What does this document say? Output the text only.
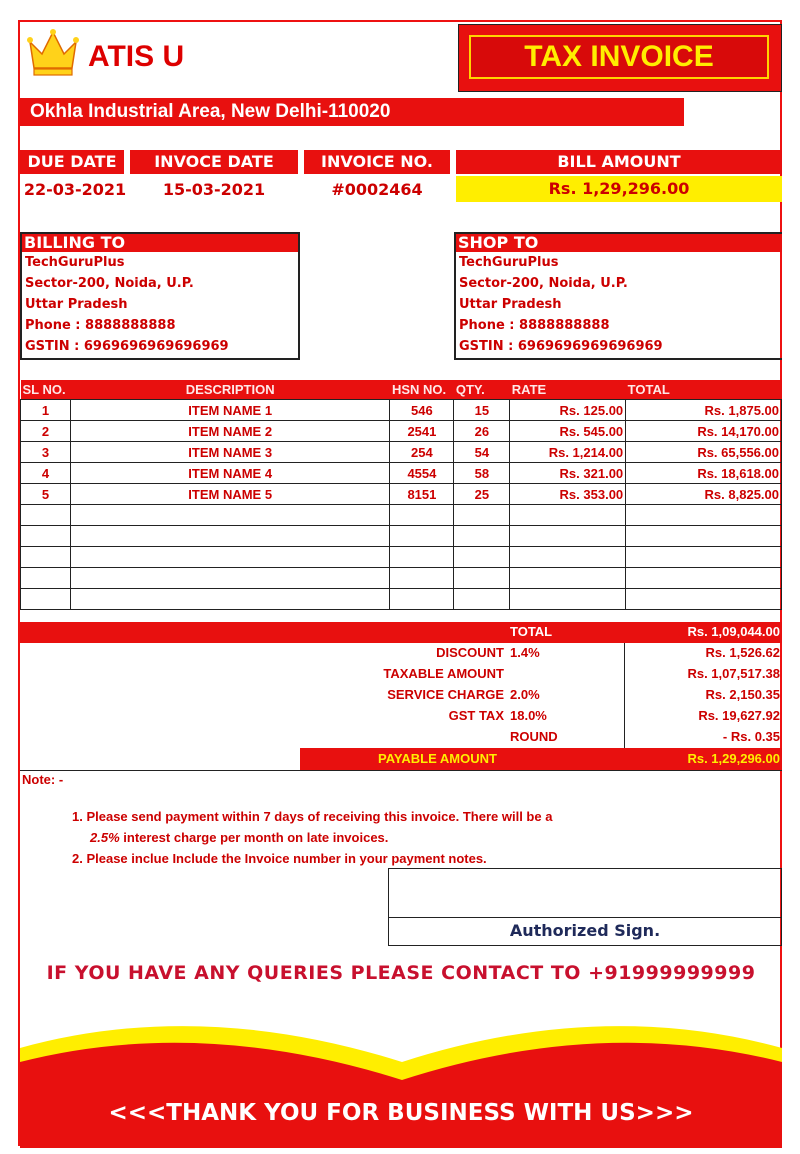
ATIS U	TAX INVOICE
Okhla Industrial Area, New Delhi-110020
DUE DATE	INVOCE DATE	INVOICE NO.	BILL AMOUNT
22-03-2021	15-03-2021	#0002464	Rs. 1,29,296.00
BILLING TO
TechGuruPlus
Sector-200, Noida, U.P.
Uttar Pradesh
Phone : 8888888888
GSTIN : 6969696969696969
SHOP TO
TechGuruPlus
Sector-200, Noida, U.P.
Uttar Pradesh
Phone : 8888888888
GSTIN : 6969696969696969
SL NO.	DESCRIPTION	HSN NO.	QTY.	RATE	TOTAL
1	ITEM NAME 1	546	15	Rs. 125.00	Rs. 1,875.00
2	ITEM NAME 2	2541	26	Rs. 545.00	Rs. 14,170.00
3	ITEM NAME 3	254	54	Rs. 1,214.00	Rs. 65,556.00
4	ITEM NAME 4	4554	58	Rs. 321.00	Rs. 18,618.00
5	ITEM NAME 5	8151	25	Rs. 353.00	Rs. 8,825.00

TOTAL	Rs. 1,09,044.00
DISCOUNT 1.4%	Rs. 1,526.62
TAXABLE AMOUNT	Rs. 1,07,517.38
SERVICE CHARGE 2.0%	Rs. 2,150.35
GST TAX 18.0%	Rs. 19,627.92
ROUND	- Rs. 0.35
PAYABLE AMOUNT	Rs. 1,29,296.00
Note: -
1. Please send payment within 7 days of receiving this invoice. There will be a
2.5% interest charge per month on late invoices.
2. Please inclue Include the Invoice number in your payment notes.
Authorized Sign.
IF YOU HAVE ANY QUERIES PLEASE CONTACT TO +91999999999
<<<THANK YOU FOR BUSINESS WITH US>>>
